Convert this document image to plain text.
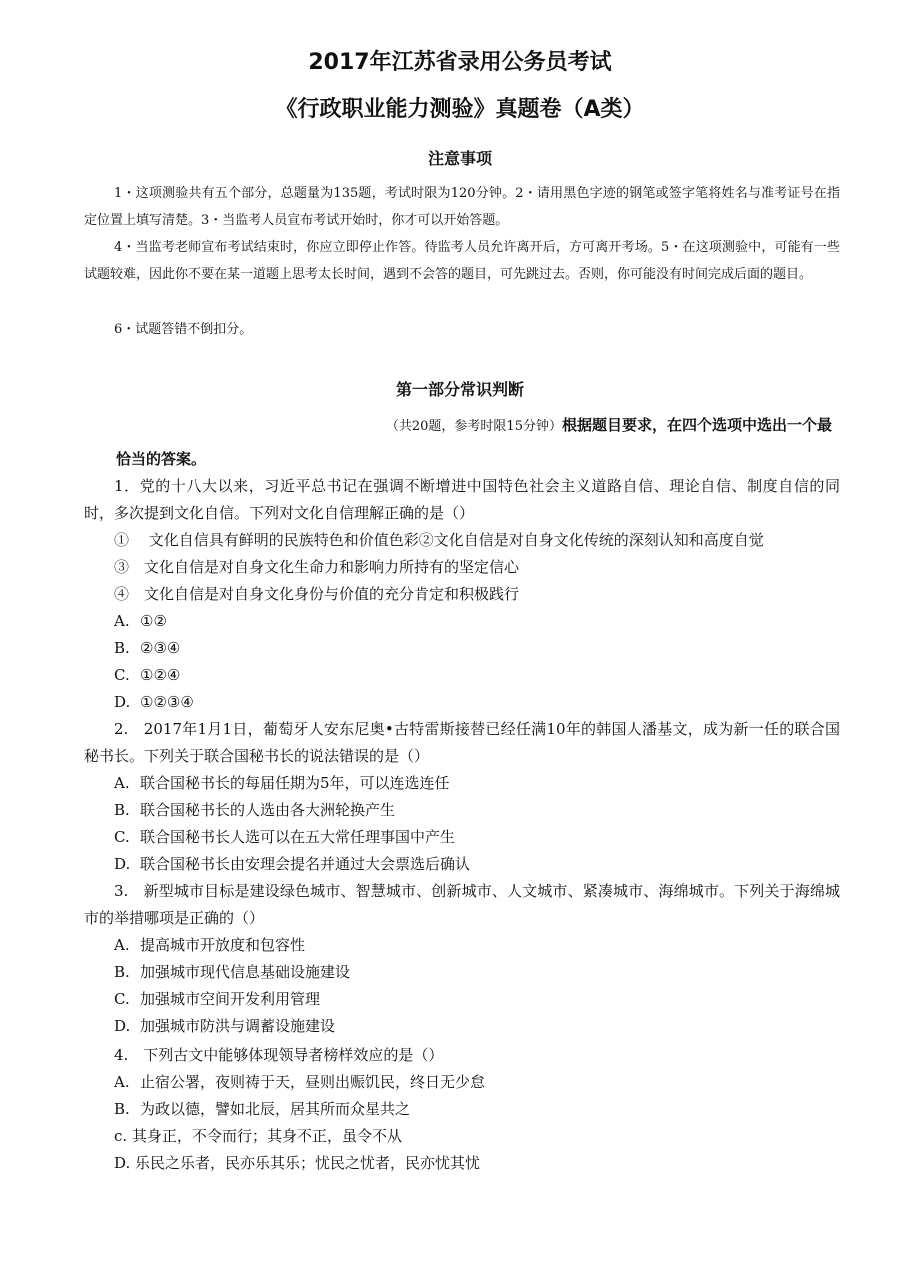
2017年江苏省录用公务员考试
《行政职业能力测验》真题卷（A类）
注意事项

1・这项测验共有五个部分，总题量为135题，考试时限为120分钟。2・请用黑色字迹的钢笔或签字笔将姓名与准考证号在指定位置上填写清楚。3・当监考人员宣布考试开始时，你才可以开始答题。

4・当监考老师宣布考试结束时，你应立即停止作答。待监考人员允许离开后，方可离开考场。5・在这项测验中，可能有一些试题较难，因此你不要在某一道题上思考太长时间，遇到不会答的题目，可先跳过去。否则，你可能没有时间完成后面的题目。

6・试题答错不倒扣分。

第一部分常识判断
（共20题，参考时限15分钟）根据题目要求，在四个选项中选出一个最
恰当的答案。

1．党的十八大以来，习近平总书记在强调不断增进中国特色社会主义道路自信、理论自信、制度自信的同时，多次提到文化自信。下列对文化自信理解正确的是（）

①　 文化自信具有鲜明的民族特色和价值色彩②文化自信是对自身文化传统的深刻认知和高度自觉

③　文化自信是对自身文化生命力和影响力所持有的坚定信心

④　文化自信是对自身文化身份与价值的充分肯定和积极践行

A. ①②

B. ②③④

C. ①②④

D. ①②③④

2.　2017年1月1日，葡萄牙人安东尼奥•古特雷斯接替已经任满10年的韩国人潘基文，成为新一任的联合国秘书长。下列关于联合国秘书长的说法错误的是（）

A. 联合国秘书长的每届任期为5年，可以连选连任

B. 联合国秘书长的人选由各大洲轮换产生

C. 联合国秘书长人选可以在五大常任理事国中产生

D. 联合国秘书长由安理会提名并通过大会票选后确认

3.　新型城市目标是建设绿色城市、智慧城市、创新城市、人文城市、紧凑城市、海绵城市。下列关于海绵城市的举措哪项是正确的（）

A. 提高城市开放度和包容性

B. 加强城市现代信息基础设施建设

C. 加强城市空间开发利用管理

D. 加强城市防洪与调蓄设施建设

4.　下列古文中能够体现领导者榜样效应的是（）

A. 止宿公署，夜则祷于天，昼则出赈饥民，终日无少怠

B. 为政以德，譬如北辰，居其所而众星共之

c. 其身正，不令而行；其身不正，虽令不从

D. 乐民之乐者，民亦乐其乐；忧民之忧者，民亦忧其忧
